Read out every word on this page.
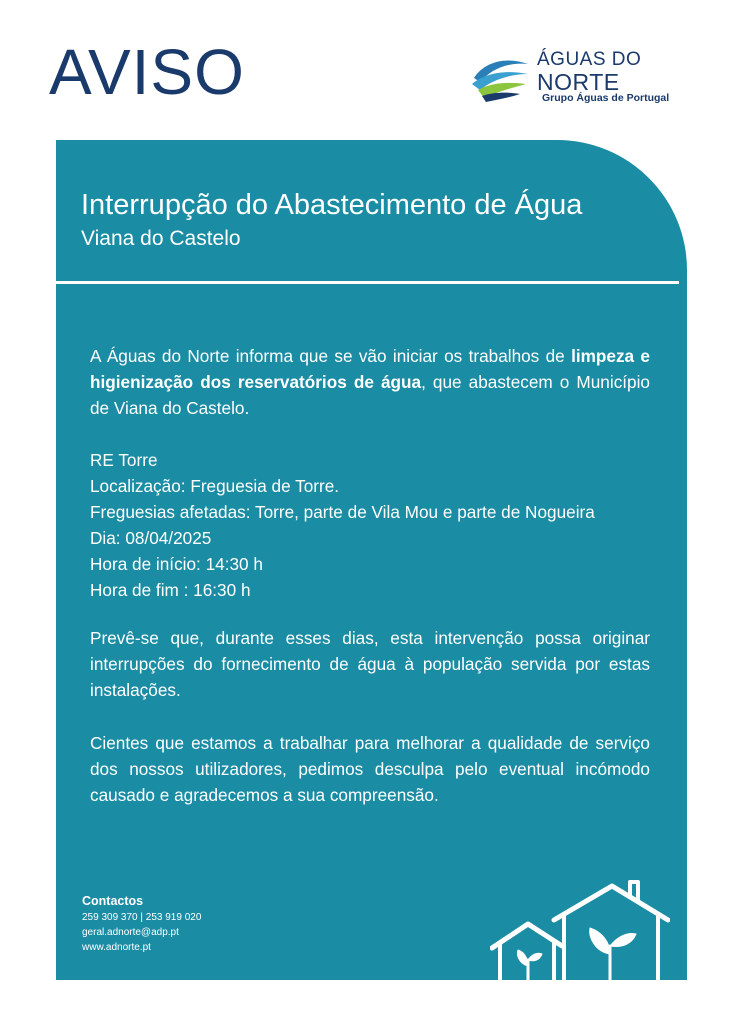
AVISO	ÁGUAS DO
NORTE
Grupo Águas de Portugal
Interrupção do Abastecimento de Água
Viana do Castelo

A Águas do Norte informa que se vão iniciar os trabalhos de limpeza e higienização dos reservatórios de água, que abastecem o Município de Viana do Castelo.

RE Torre
Localização: Freguesia de Torre.
Freguesias afetadas: Torre, parte de Vila Mou e parte de Nogueira
Dia: 08/04/2025
Hora de início: 14:30 h
Hora de fim : 16:30 h
Prevê-se que, durante esses dias, esta intervenção possa originar interrupções do fornecimento de água à população servida por estas instalações.
Cientes que estamos a trabalhar para melhorar a qualidade de serviço dos nossos utilizadores, pedimos desculpa pelo eventual incómodo causado e agradecemos a sua compreensão.
Contactos
259 309 370 | 253 919 020
geral.adnorte@adp.pt
www.adnorte.pt
